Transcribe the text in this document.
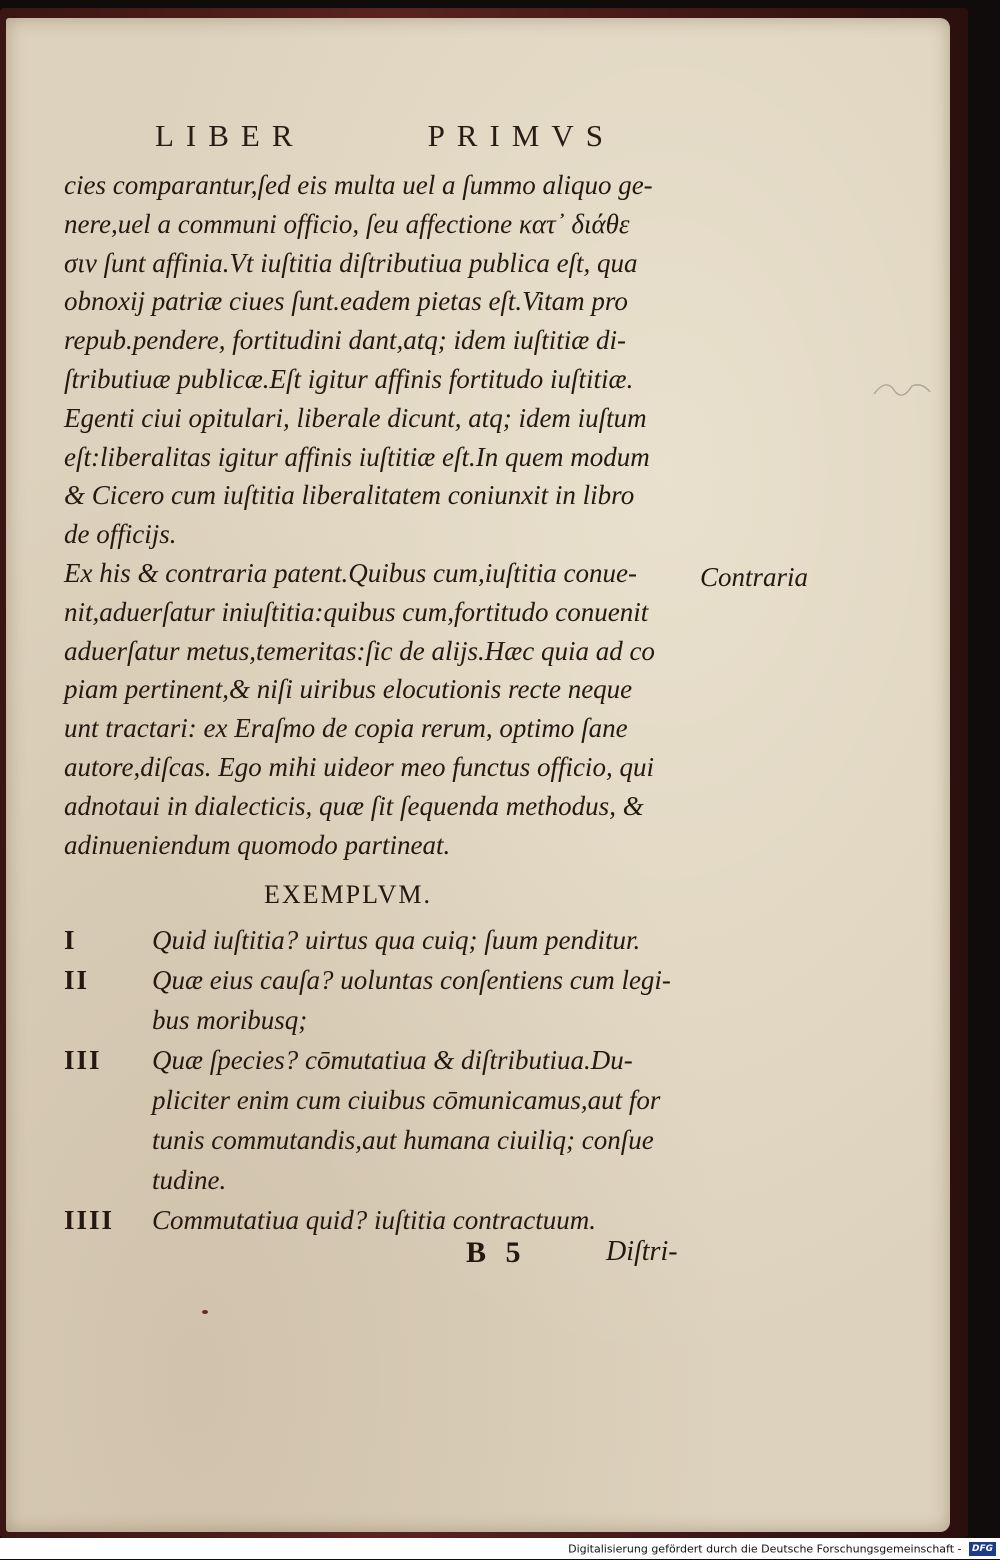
LIBER	PRIMVS
cies comparantur,ſed eis multa uel a ſummo aliquo ge-
nere,uel a communi officio, ſeu affectione κατ᾽ διάθε
σιν ſunt affinia.Vt iuſtitia diſtributiua publica eſt, qua
obnoxij patriæ ciues ſunt.eadem pietas eſt.Vitam pro
repub.pendere, fortitudini dant,atq; idem iuſtitiæ di-
ſtributiuæ publicæ.Eſt igitur affinis fortitudo iuſtitiæ.
Egenti ciui opitulari, liberale dicunt, atq; idem iuſtum
eſt:liberalitas igitur affinis iuſtitiæ eſt.In quem modum
& Cicero cum iuſtitia liberalitatem coniunxit in libro
de officijs.
Ex his & contraria patent.Quibus cum,iuſtitia conue-
nit,aduerſatur iniuſtitia:quibus cum,fortitudo conuenit
aduerſatur metus,temeritas:ſic de alijs.Hæc quia ad co
piam pertinent,& niſi uiribus elocutionis recte neque
unt tractari: ex Eraſmo de copia rerum, optimo ſane
autore,diſcas. Ego mihi uideor meo functus officio, qui
adnotaui in dialecticis, quæ ſit ſequenda methodus, &
adinueniendum quomodo partineat.
Contraria
EXEMPLVM.
I	Quid iuſtitia? uirtus qua cuiq; ſuum penditur.
II	Quæ eius cauſa? uoluntas conſentiens cum legi-
bus moribusq;
III	Quæ ſpecies? cōmutatiua & diſtributiua.Du-
pliciter enim cum ciuibus cōmunicamus,aut for
tunis commutandis,aut humana ciuiliq; conſue
tudine.
IIII	Commutatiua quid? iuſtitia contractuum.
B 5	Diſtri-
Digitalisierung gefördert durch die Deutsche Forschungsgemeinschaft - DFG
